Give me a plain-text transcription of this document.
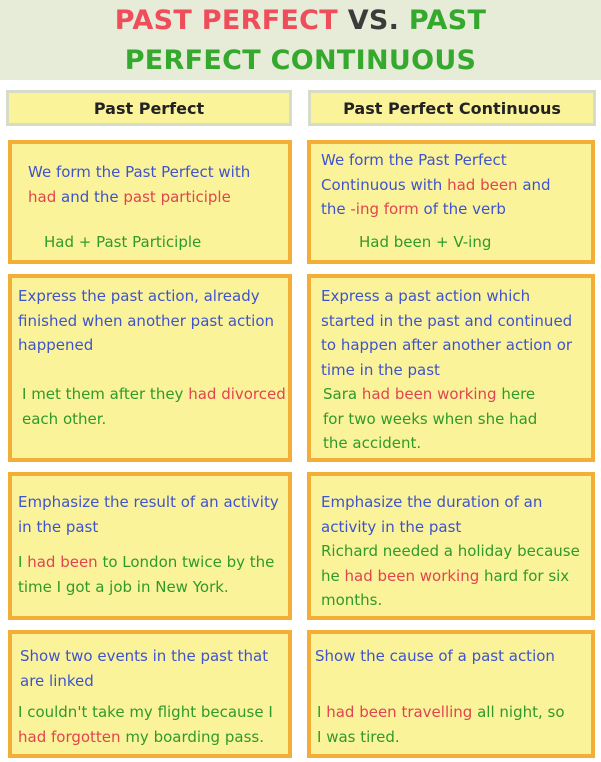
PAST PERFECT VS. PAST
PERFECT CONTINUOUS
Past Perfect	Past Perfect Continuous
We form the Past Perfect with
had and the past participle
Had + Past Participle
We form the Past Perfect
Continuous with had been and
the -ing form of the verb
Had been + V-ing
Express the past action, already
finished when another past action
happened
I met them after they had divorced
each other.
Express a past action which
started in the past and continued
to happen after another action or
time in the past
Sara had been working here
for two weeks when she had
the accident.
Emphasize the result of an activity
in the past
I had been to London twice by the
time I got a job in New York.
Emphasize the duration of an
activity in the past
Richard needed a holiday because
he had been working hard for six
months.
Show two events in the past that
are linked
I couldn't take my flight because I
had forgotten my boarding pass.
Show the cause of a past action
I had been travelling all night, so
I was tired.
